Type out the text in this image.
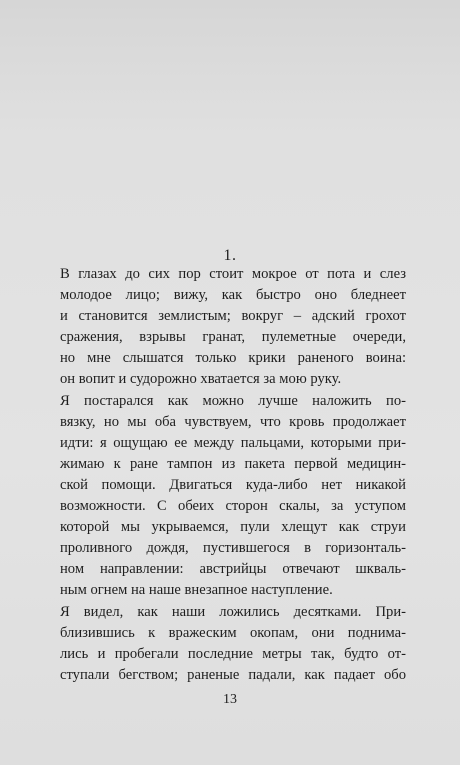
1.

В глазах до сих пор стоит мокрое от пота и слез
молодое лицо; вижу, как быстро оно бледнеет
и становится землистым; вокруг – адский грохот
сражения, взрывы гранат, пулеметные очереди,
но мне слышатся только крики раненого воина:
он вопит и судорожно хватается за мою руку.

Я постарался как можно лучше наложить по-
вязку, но мы оба чувствуем, что кровь продолжает
идти: я ощущаю ее между пальцами, которыми при-
жимаю к ране тампон из пакета первой медицин-
ской помощи. Двигаться куда-либо нет никакой
возможности. С обеих сторон скалы, за уступом
которой мы укрываемся, пули хлещут как струи
проливного дождя, пустившегося в горизонталь-
ном направлении: австрийцы отвечают шкваль-
ным огнем на наше внезапное наступление.

Я видел, как наши ложились десятками. При-
близившись к вражеским окопам, они поднима-
лись и пробегали последние метры так, будто от-
ступали бегством; раненые падали, как падает обо

13
